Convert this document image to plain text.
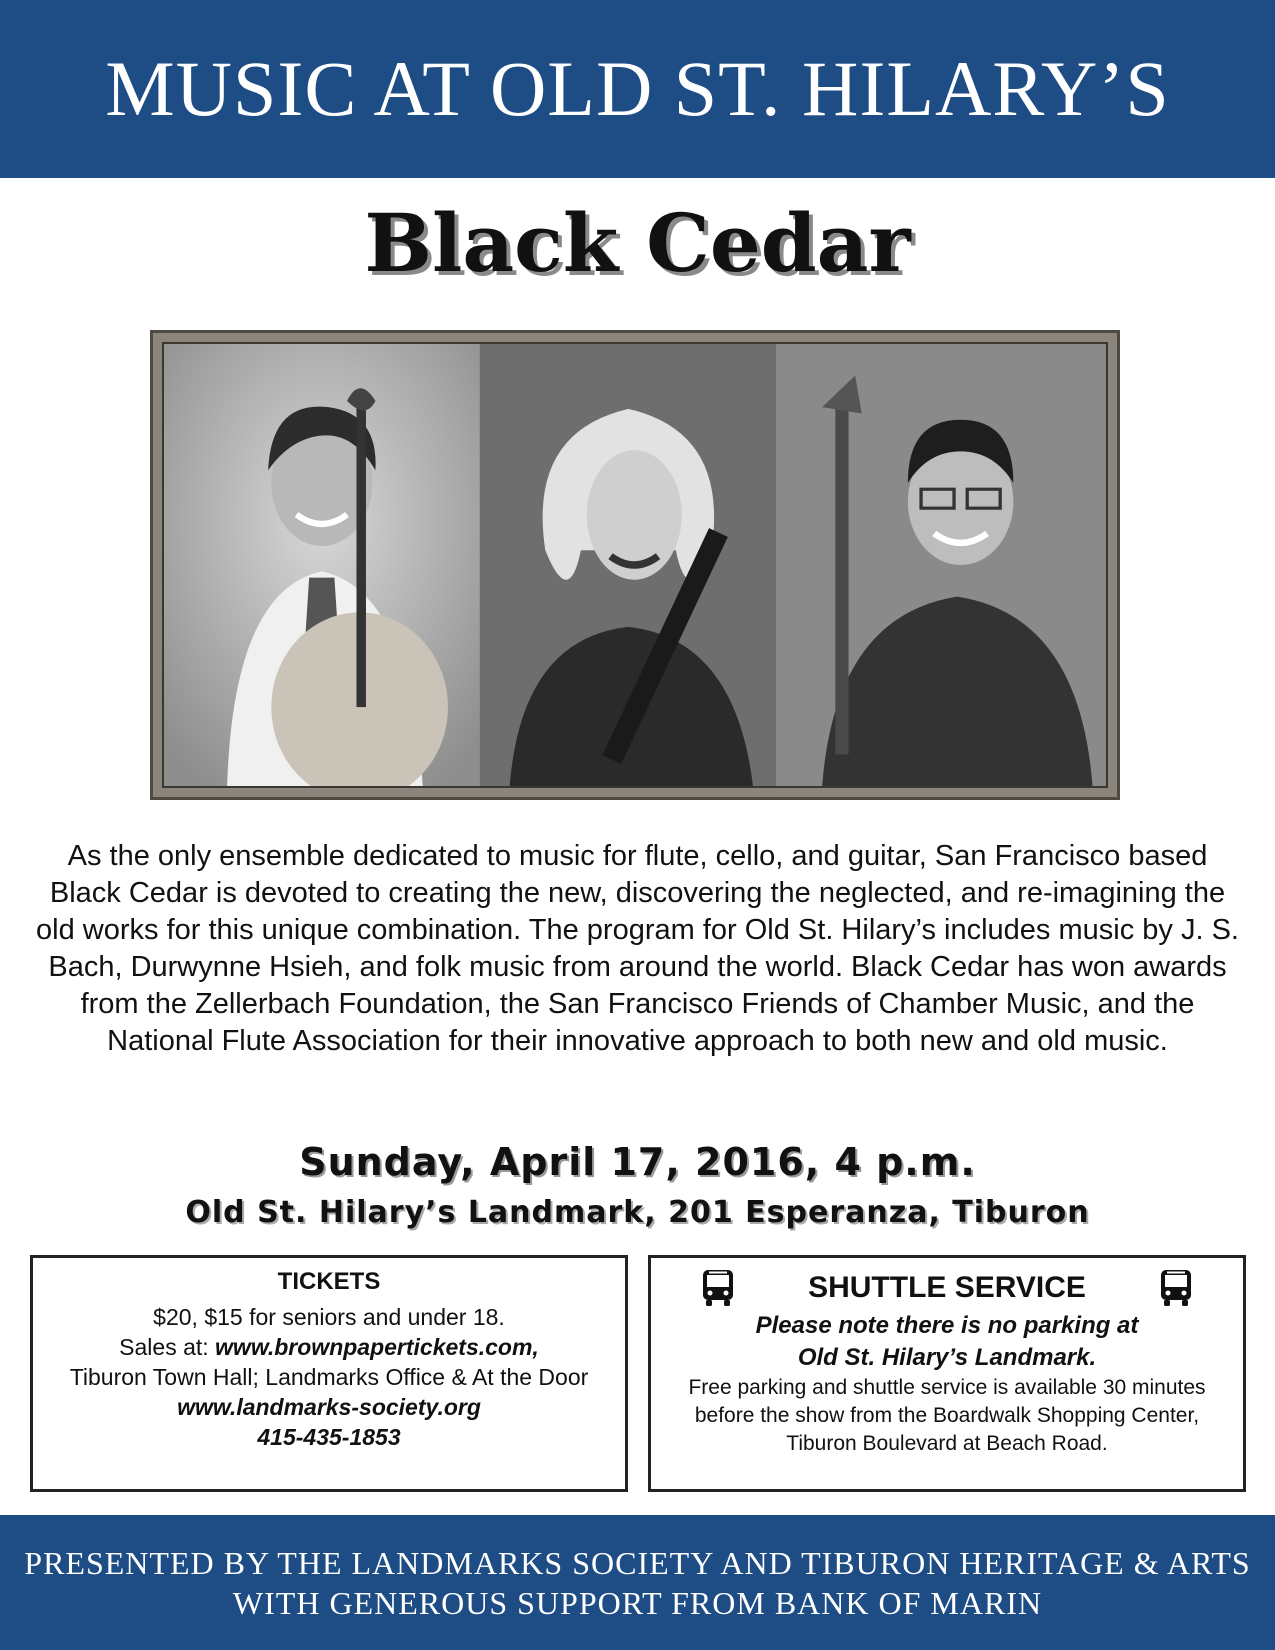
MUSIC AT OLD ST. HILARY’S
Black Cedar

As the only ensemble dedicated to music for flute, cello, and guitar, San Francisco based Black Cedar is devoted to creating the new, discovering the neglected, and re-imagining the old works for this unique combination. The program for Old St. Hilary’s includes music by J. S. Bach, Durwynne Hsieh, and folk music from around the world. Black Cedar has won awards from the Zellerbach Foundation, the San Francisco Friends of Chamber Music, and the National Flute Association for their innovative approach to both new and old music.

Sunday, April 17, 2016, 4 p.m.
Old St. Hilary’s Landmark, 201 Esperanza, Tiburon
TICKETS
$20, $15 for seniors and under 18.
Sales at: www.brownpapertickets.com,
Tiburon Town Hall; Landmarks Office & At the Door
www.landmarks-society.org
415-435-1853
SHUTTLE SERVICE
Please note there is no parking at
Old St. Hilary’s Landmark.
Free parking and shuttle service is available 30 minutes
before the show from the Boardwalk Shopping Center,
Tiburon Boulevard at Beach Road.
PRESENTED BY THE LANDMARKS SOCIETY AND TIBURON HERITAGE & ARTS
WITH GENEROUS SUPPORT FROM BANK OF MARIN
